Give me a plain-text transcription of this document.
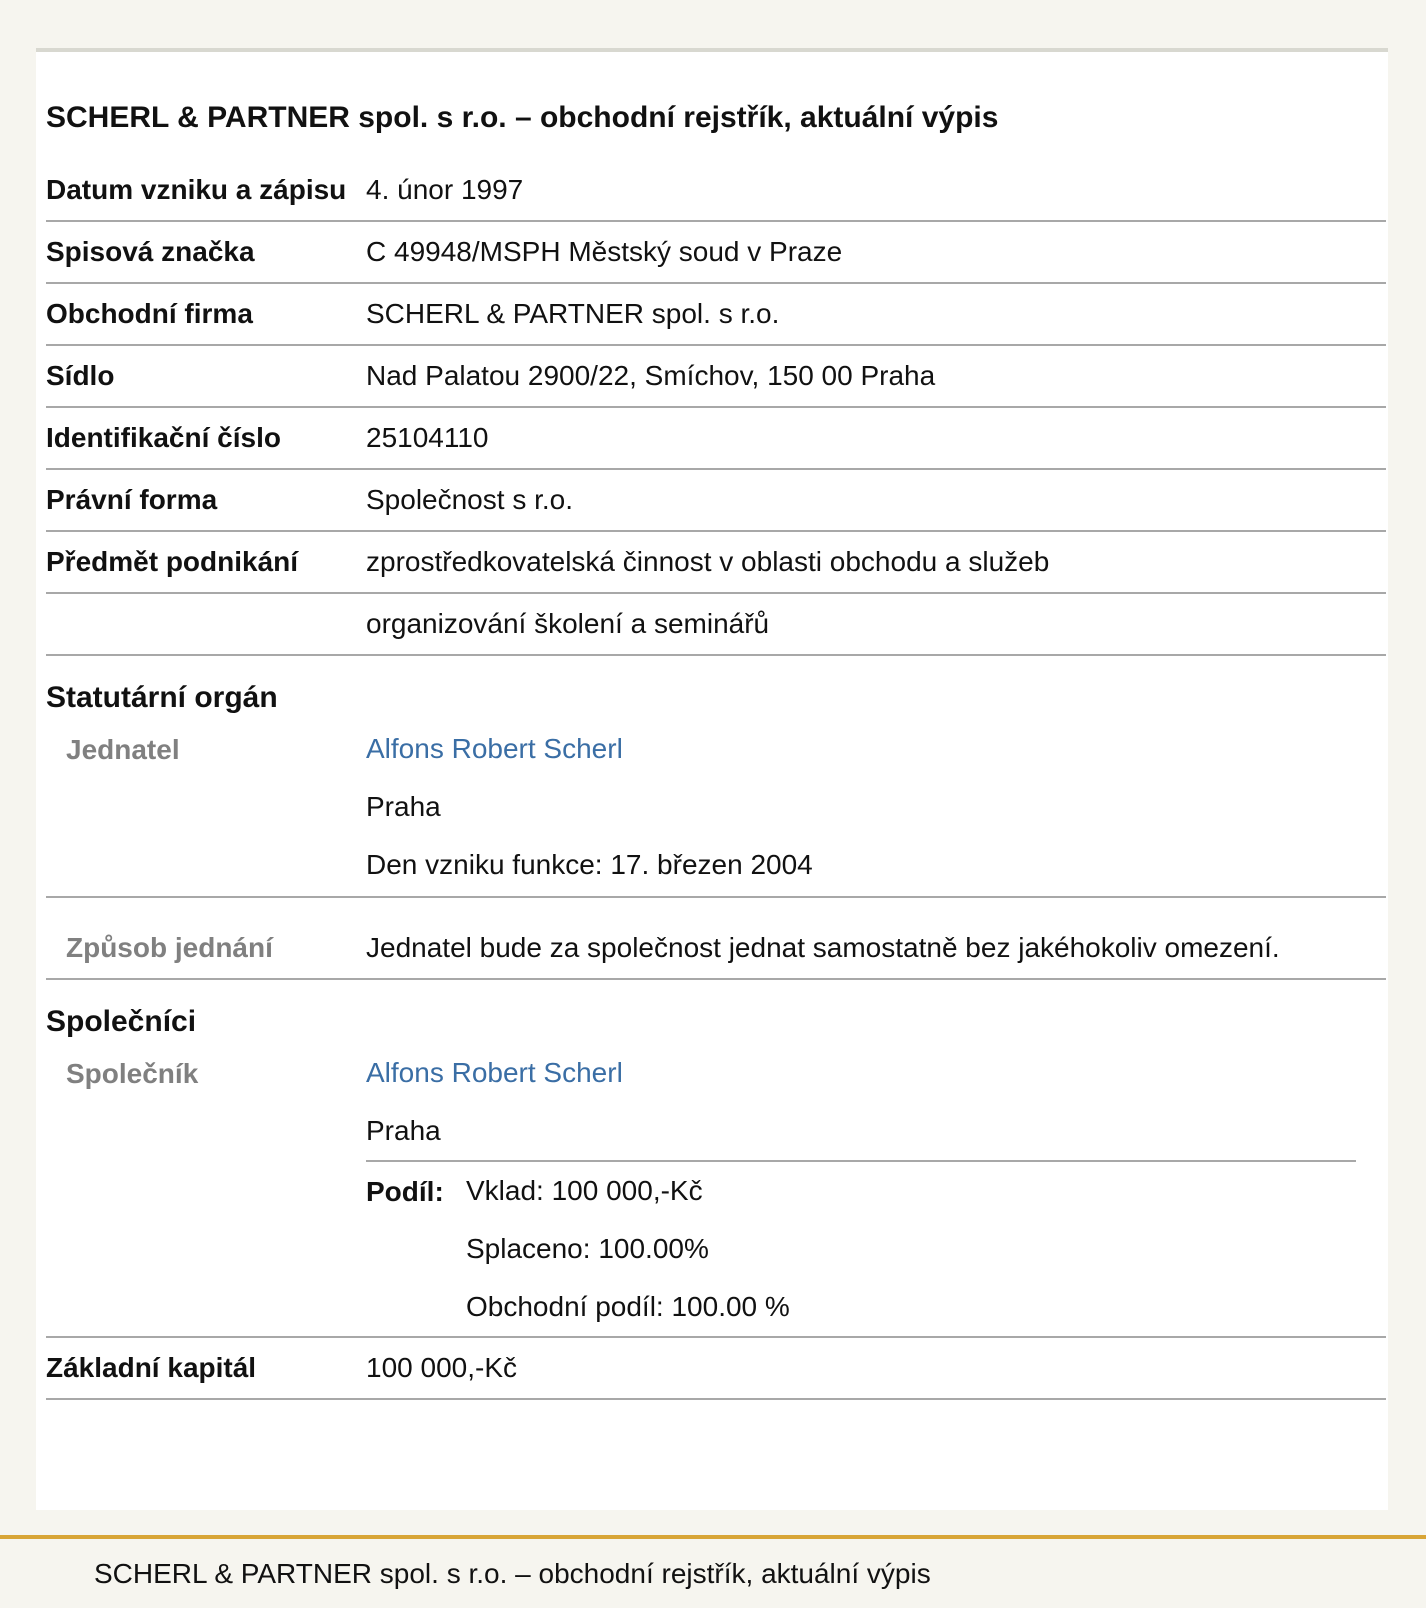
SCHERL & PARTNER spol. s r.o. – obchodní rejstřík, aktuální výpis
Datum vzniku a zápisu 4. únor 1997
Spisová značka	C 49948/MSPH Městský soud v Praze
Obchodní firma	SCHERL & PARTNER spol. s r.o.
Sídlo	Nad Palatou 2900/22, Smíchov, 150 00 Praha
Identifikační číslo	25104110
Právní forma	Společnost s r.o.
Předmět podnikání	zprostředkovatelská činnost v oblasti obchodu a služeb
organizování školení a seminářů
Statutární orgán
Jednatel	Alfons Robert Scherl
Praha
Den vzniku funkce: 17. březen 2004
Způsob jednání	Jednatel bude za společnost jednat samostatně bez jakéhokoliv omezení.
Společníci
Společník	Alfons Robert Scherl
Praha
Podíl: Vklad: 100 000,-Kč
Splaceno: 100.00%
Obchodní podíl: 100.00 %
Základní kapitál	100 000,-Kč
SCHERL & PARTNER spol. s r.o. – obchodní rejstřík, aktuální výpis
